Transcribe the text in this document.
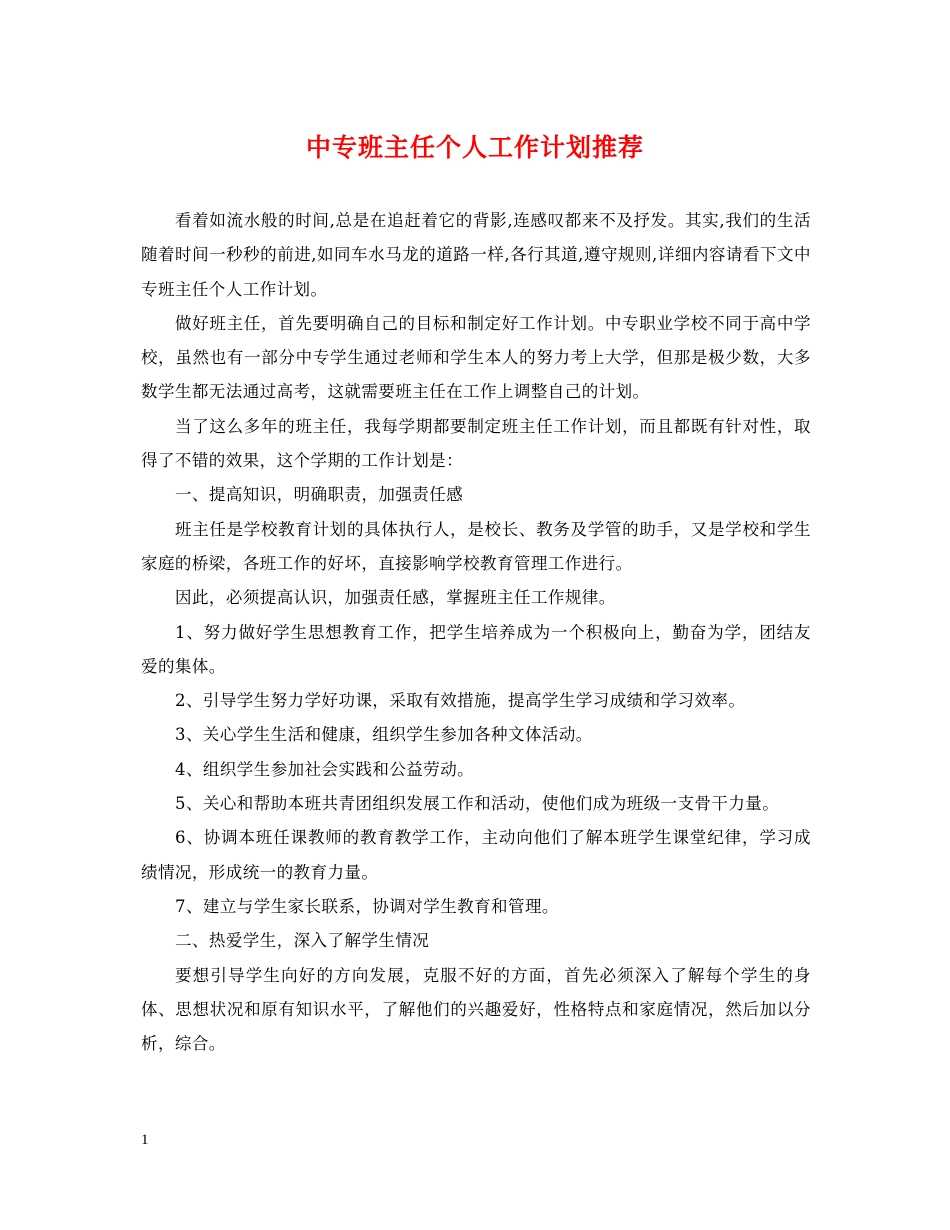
中专班主任个人工作计划推荐

看着如流水般的时间,总是在追赶着它的背影,连感叹都来不及抒发。其实,我们的生活随着时间一秒秒的前进,如同车水马龙的道路一样,各行其道,遵守规则,详细内容请看下文中专班主任个人工作计划。

做好班主任，首先要明确自己的目标和制定好工作计划。中专职业学校不同于高中学校，虽然也有一部分中专学生通过老师和学生本人的努力考上大学，但那是极少数，大多数学生都无法通过高考，这就需要班主任在工作上调整自己的计划。

当了这么多年的班主任，我每学期都要制定班主任工作计划，而且都既有针对性，取得了不错的效果，这个学期的工作计划是：

一、提高知识，明确职责，加强责任感

班主任是学校教育计划的具体执行人，是校长、教务及学管的助手，又是学校和学生家庭的桥梁，各班工作的好坏，直接影响学校教育管理工作进行。

因此，必须提高认识，加强责任感，掌握班主任工作规律。

1、努力做好学生思想教育工作，把学生培养成为一个积极向上，勤奋为学，团结友爱的集体。

2、引导学生努力学好功课，采取有效措施，提高学生学习成绩和学习效率。

3、关心学生生活和健康，组织学生参加各种文体活动。

4、组织学生参加社会实践和公益劳动。

5、关心和帮助本班共青团组织发展工作和活动，使他们成为班级一支骨干力量。

6、协调本班任课教师的教育教学工作，主动向他们了解本班学生课堂纪律，学习成绩情况，形成统一的教育力量。

7、建立与学生家长联系，协调对学生教育和管理。

二、热爱学生，深入了解学生情况

要想引导学生向好的方向发展，克服不好的方面，首先必须深入了解每个学生的身体、思想状况和原有知识水平，了解他们的兴趣爱好，性格特点和家庭情况，然后加以分析，综合。

1
